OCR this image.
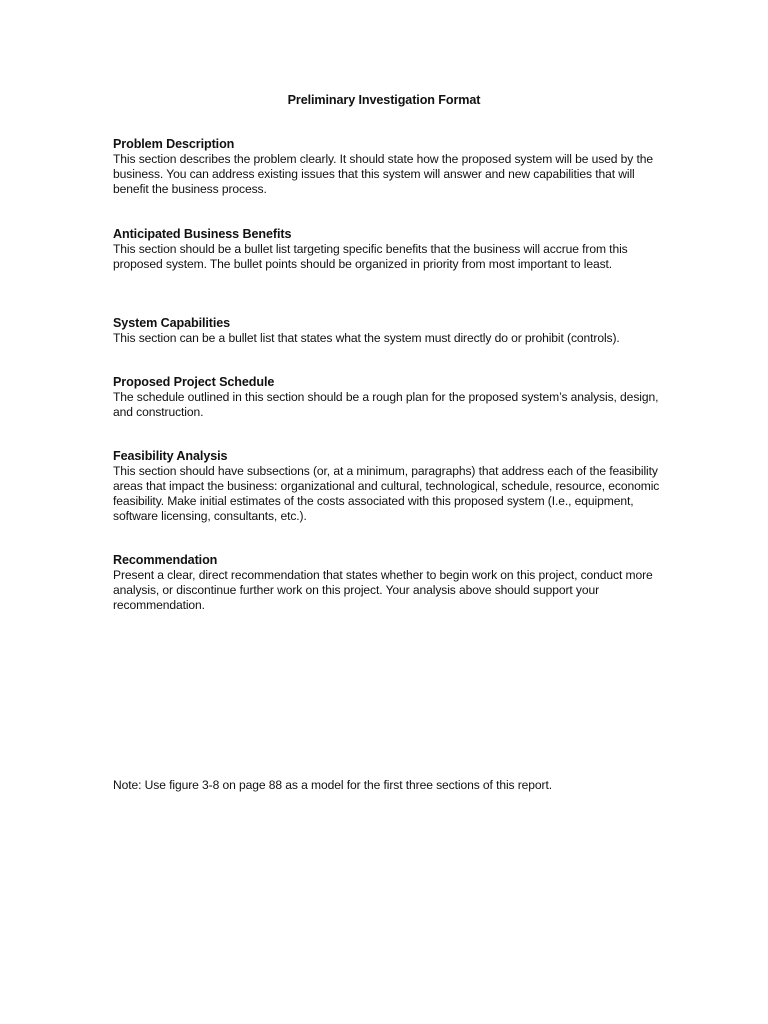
Preliminary Investigation Format
Problem Description

This section describes the problem clearly. It should state how the proposed system will be used by the business. You can address existing issues that this system will answer and new capabilities that will benefit the business process.

Anticipated Business Benefits

This section should be a bullet list targeting specific benefits that the business will accrue from this proposed system. The bullet points should be organized in priority from most important to least.

System Capabilities

This section can be a bullet list that states what the system must directly do or prohibit (controls).

Proposed Project Schedule

The schedule outlined in this section should be a rough plan for the proposed system’s analysis, design, and construction.

Feasibility Analysis

This section should have subsections (or, at a minimum, paragraphs) that address each of the feasibility areas that impact the business: organizational and cultural, technological, schedule, resource, economic feasibility. Make initial estimates of the costs associated with this proposed system (I.e., equipment, software licensing, consultants, etc.).

Recommendation

Present a clear, direct recommendation that states whether to begin work on this project, conduct more analysis, or discontinue further work on this project. Your analysis above should support your recommendation.

Note: Use figure 3-8 on page 88 as a model for the first three sections of this report.
